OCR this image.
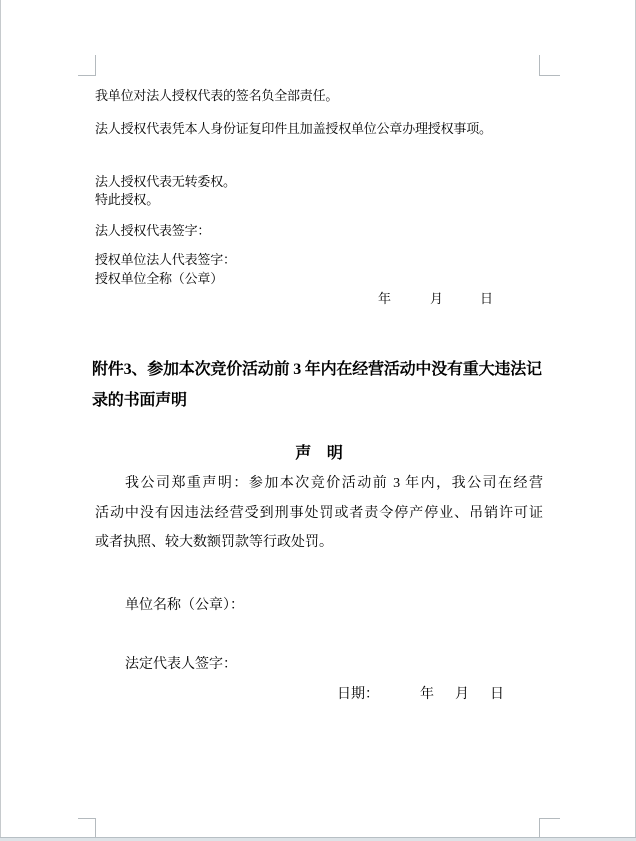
我单位对法人授权代表的签名负全部责任。
法人授权代表凭本人身份证复印件且加盖授权单位公章办理授权事项。
法人授权代表无转委权。
特此授权。
法人授权代表签字：
授权单位法人代表签字：
授权单位全称（公章）
年	月	日
附件3、参加本次竞价活动前 3 年内在经营活动中没有重大违法记
录的书面声明
声　明
我公司郑重声明：参加本次竞价活动前 3 年内，我公司在经营
活动中没有因违法经营受到刑事处罚或者责令停产停业、吊销许可证
或者执照、较大数额罚款等行政处罚。
单位名称（公章）：
法定代表人签字：
日期：	年 月 日
